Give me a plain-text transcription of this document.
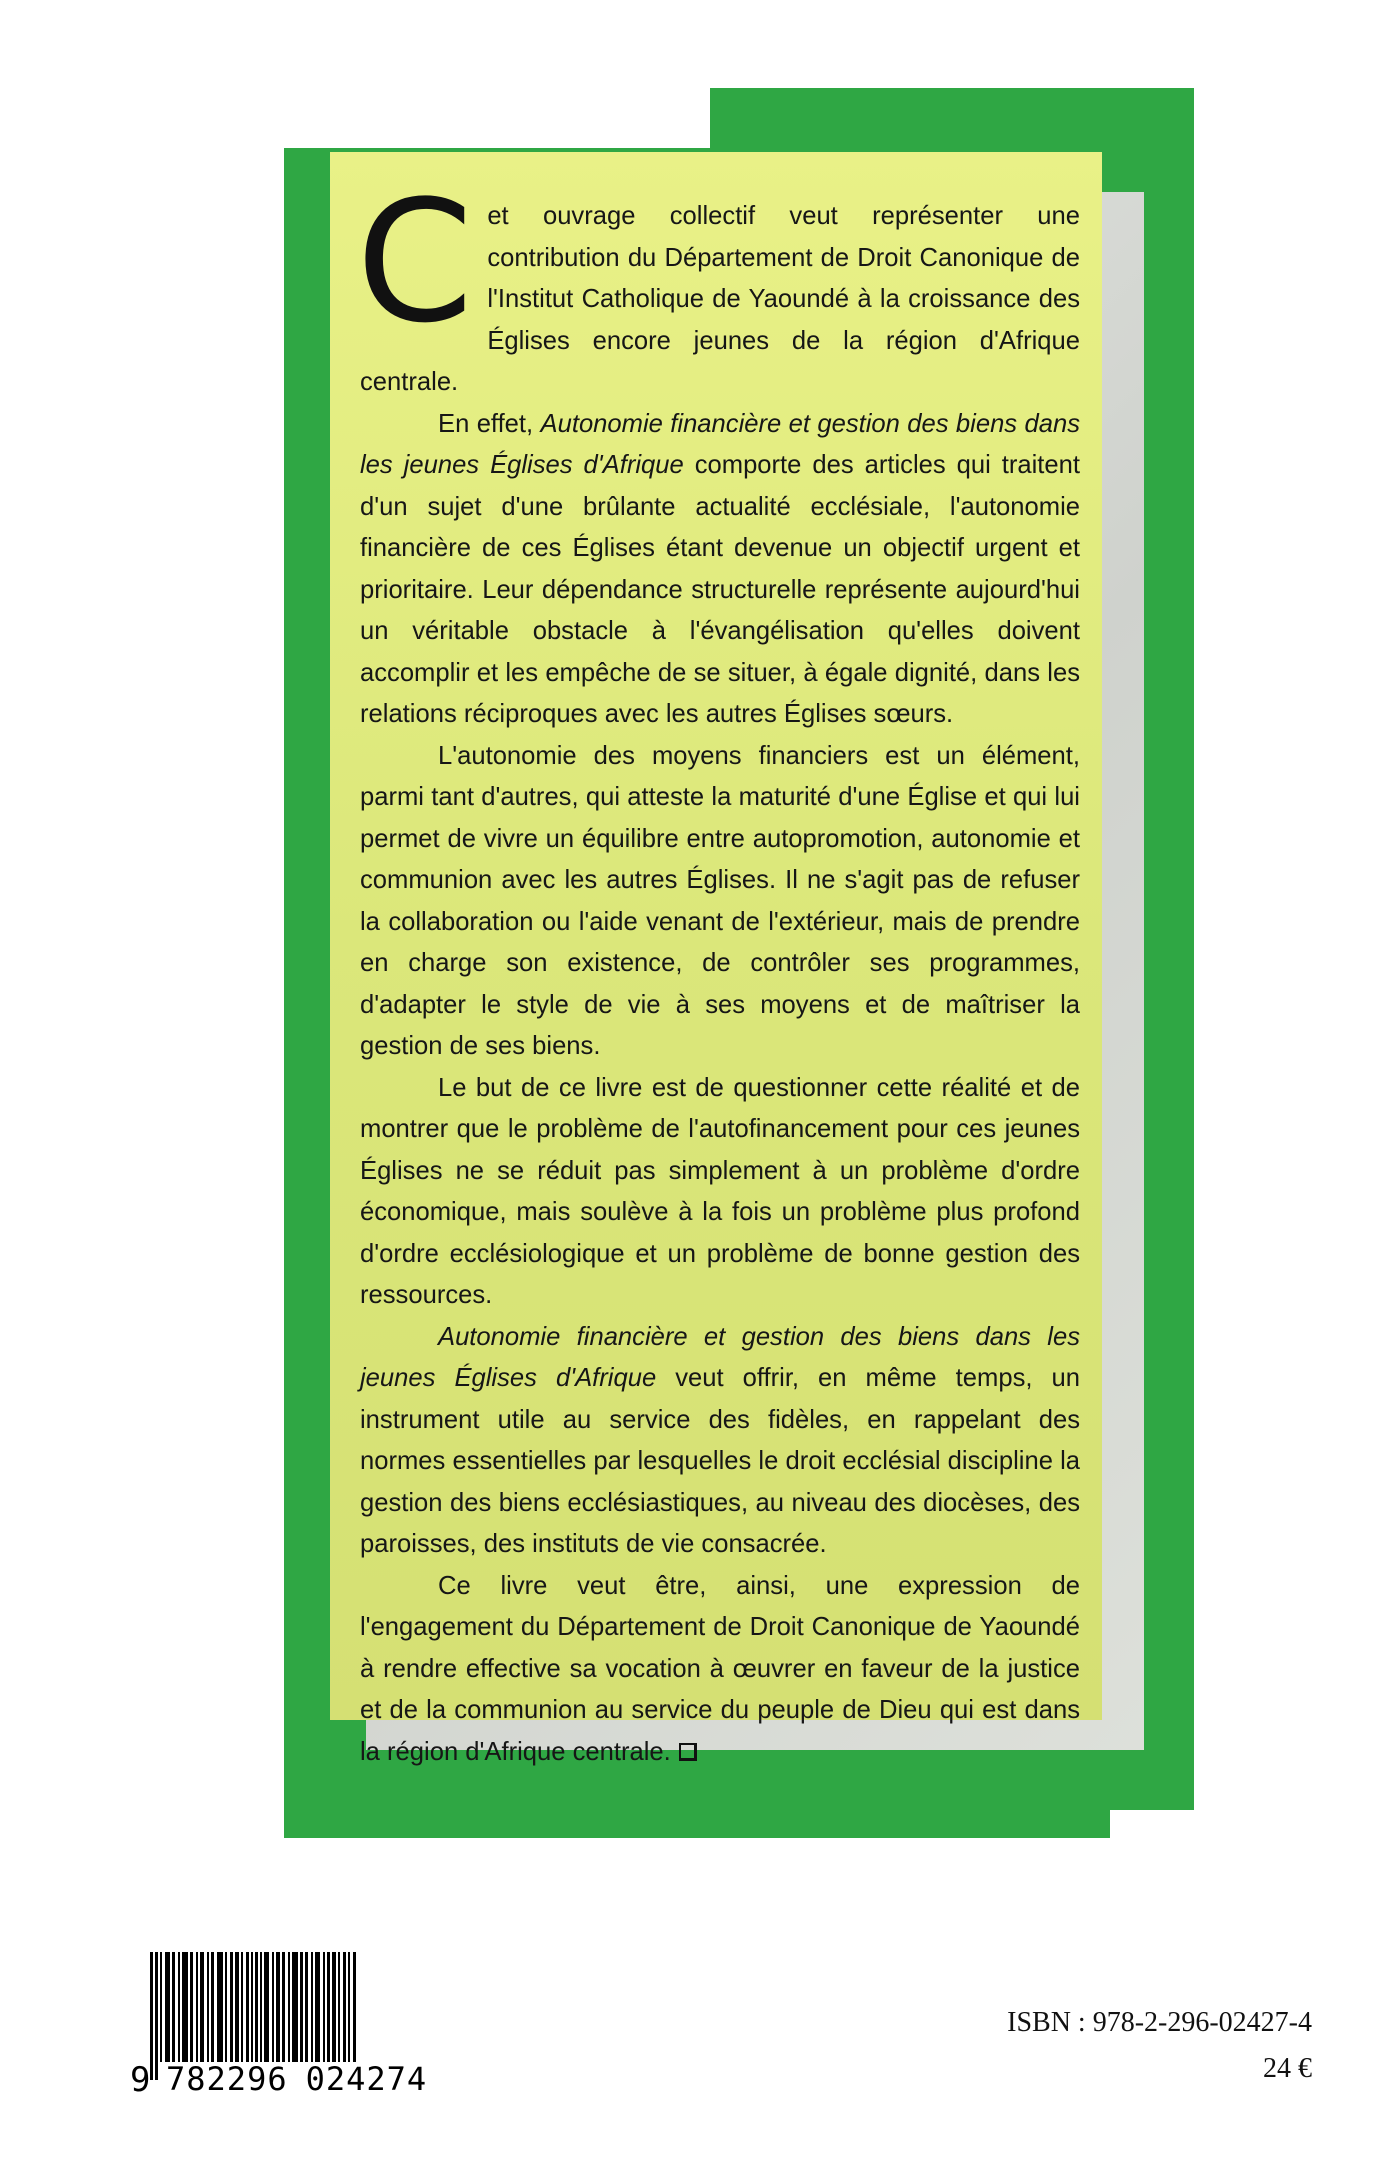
Cet ouvrage collectif veut représenter une contribution du Département de Droit Canonique de l'Institut Catholique de Yaoundé à la croissance des Églises encore jeunes de la région d'Afrique centrale.

En effet, Autonomie financière et gestion des biens dans les jeunes Églises d'Afrique comporte des articles qui traitent d'un sujet d'une brûlante actualité ecclésiale, l'autonomie financière de ces Églises étant devenue un objectif urgent et prioritaire. Leur dépendance structurelle représente aujourd'hui un véritable obstacle à l'évangélisation qu'elles doivent accomplir et les empêche de se situer, à égale dignité, dans les relations réciproques avec les autres Églises sœurs.

L'autonomie des moyens financiers est un élément, parmi tant d'autres, qui atteste la maturité d'une Église et qui lui permet de vivre un équilibre entre autopromotion, autonomie et communion avec les autres Églises. Il ne s'agit pas de refuser la collaboration ou l'aide venant de l'extérieur, mais de prendre en charge son existence, de contrôler ses programmes, d'adapter le style de vie à ses moyens et de maîtriser la gestion de ses biens.

Le but de ce livre est de questionner cette réalité et de montrer que le problème de l'autofinancement pour ces jeunes Églises ne se réduit pas simplement à un problème d'ordre économique, mais soulève à la fois un problème plus profond d'ordre ecclésiologique et un problème de bonne gestion des ressources.

Autonomie financière et gestion des biens dans les jeunes Églises d'Afrique veut offrir, en même temps, un instrument utile au service des fidèles, en rappelant des normes essentielles par lesquelles le droit ecclésial discipline la gestion des biens ecclésiastiques, au niveau des diocèses, des paroisses, des instituts de vie consacrée.

Ce livre veut être, ainsi, une expression de l'engagement du Département de Droit Canonique de Yaoundé à rendre effective sa vocation à œuvrer en faveur de la justice et de la communion au service du peuple de Dieu qui est dans la région d'Afrique centrale.

9 782296 024274
ISBN : 978-2-296-02427-4
24 €
